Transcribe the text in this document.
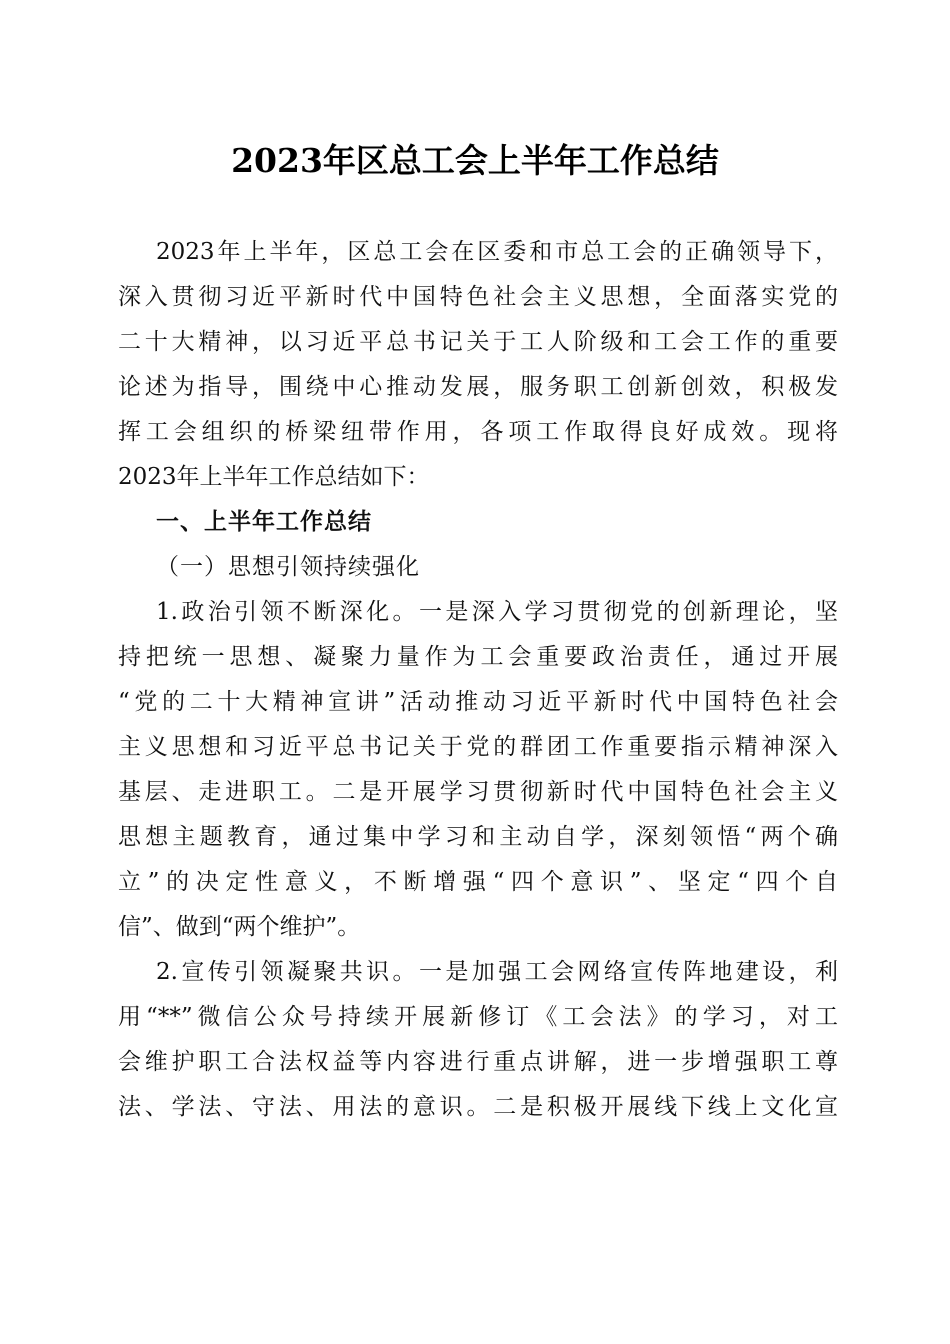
2023年区总工会上半年工作总结
2023年上半年，区总工会在区委和市总工会的正确领导下，
深入贯彻习近平新时代中国特色社会主义思想，全面落实党的
二十大精神，以习近平总书记关于工人阶级和工会工作的重要
论述为指导，围绕中心推动发展，服务职工创新创效，积极发
挥工会组织的桥梁纽带作用，各项工作取得良好成效。现将
2023年上半年工作总结如下：
一、上半年工作总结
（一）思想引领持续强化
1.政治引领不断深化。一是深入学习贯彻党的创新理论，坚
持把统一思想、凝聚力量作为工会重要政治责任，通过开展
“党的二十大精神宣讲”活动推动习近平新时代中国特色社会
主义思想和习近平总书记关于党的群团工作重要指示精神深入
基层、走进职工。二是开展学习贯彻新时代中国特色社会主义
思想主题教育，通过集中学习和主动自学，深刻领悟“两个确
立”的决定性意义，不断增强“四个意识”、坚定“四个自
信”、做到“两个维护”。
2.宣传引领凝聚共识。一是加强工会网络宣传阵地建设，利
用“**”微信公众号持续开展新修订《工会法》的学习，对工
会维护职工合法权益等内容进行重点讲解，进一步增强职工尊
法、学法、守法、用法的意识。二是积极开展线下线上文化宣
